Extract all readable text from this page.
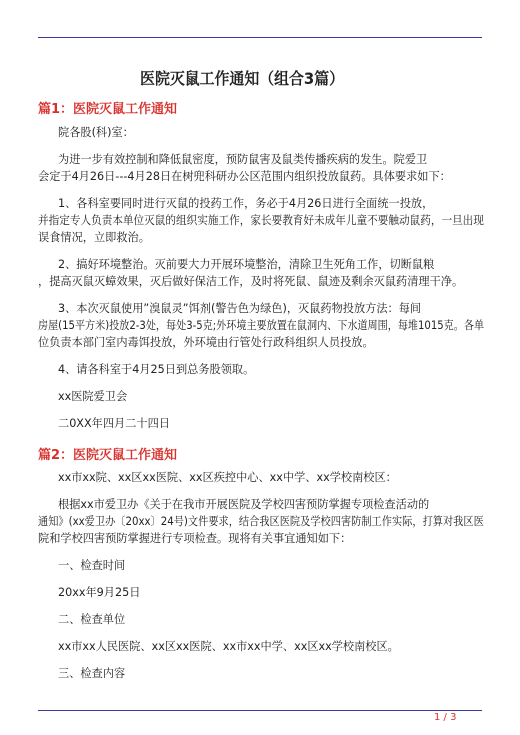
医院灭鼠工作通知（组合3篇）
篇1：医院灭鼠工作通知
院各股(科)室：
为进一步有效控制和降低鼠密度，预防鼠害及鼠类传播疾病的发生。院爱卫
会定于4月26日---4月28日在树兜科研办公区范围内组织投放鼠药。具体要求如下：
1、各科室要同时进行灭鼠的投药工作，务必于4月26日进行全面统一投放，
并指定专人负责本单位灭鼠的组织实施工作，家长要教育好未成年儿童不要触动鼠药，一旦出现
误食情况，立即救治。
2、搞好环境整治。灭前要大力开展环境整治，清除卫生死角工作，切断鼠粮
，提高灭鼠灭蟑效果，灭后做好保洁工作，及时将死鼠、鼠迹及剩余灭鼠药清理干净。
3、本次灭鼠使用”溴鼠灵”饵剂(警告色为绿色)，灭鼠药物投放方法：每间
房屋(15平方米)投放2-3处，每处3-5克;外环境主要放置在鼠洞内、下水道周围，每堆1015克。各单
位负责本部门室内毒饵投放，外环境由行管处行政科组织人员投放。
4、请各科室于4月25日到总务股领取。
xx医院爱卫会
二0XX年四月二十四日
篇2：医院灭鼠工作通知
xx市xx院、xx区xx医院、xx区疾控中心、xx中学、xx学校南校区：
根据xx市爱卫办《关于在我市开展医院及学校四害预防掌握专项检查活动的
通知》(xx爱卫办〔20xx〕24号)文件要求，结合我区医院及学校四害防制工作实际，打算对我区医
院和学校四害预防掌握进行专项检查。现将有关事宜通知如下：
一、检查时间
20xx年9月25日
二、检查单位
xx市xx人民医院、xx区xx医院、xx市xx中学、xx区xx学校南校区。
三、检查内容
1 / 3
